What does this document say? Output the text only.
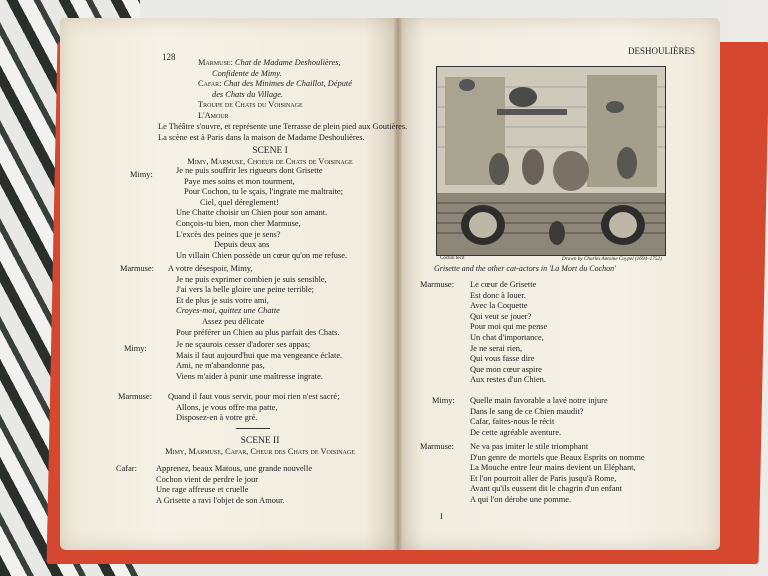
128
Marmuse: Chat de Madame Deshoulières,
Confidente de Mimy.
Cafar: Chat des Minimes de Chaillot, Député
des Chats du Village.
Troupe de Chats du Voisinage
L'Amour
Le Théâtre s'ouvre, et représente une Terrasse de plein pied aux Goutières.
La scène est à Paris dans la maison de Madame Deshoulières.
SCENE I
Mimy, Marmuse, Choeur de Chats de Voisinage
Mimy:	Je ne puis souffrir les rigueurs dont Grisette
Paye mes soins et mon tourment,
Pour Cochon, tu le sçais, l'ingrate me maltraite;
Ciel, quel déreglement!
Une Chatte choisir un Chien pour son amant.
Conçois-tu bien, mon cher Marmuse,
L'excès des peines que je sens?
Depuis deux ans
Un villain Chien possède un cœur qu'on me refuse.
Marmuse: A votre désespoir, Mimy,
Je ne puis exprimer combien je suis sensible,
J'ai vers la belle gloire une peine terrible;
Et de plus je suis votre ami,
Croyes-moi, quittez une Chatte
Assez peu délicate
Pour préférer un Chien au plus parfait des Chats.
Mimy:	Je ne sçaurois cesser d'adorer ses appas;
Mais il faut aujourd'hui que ma vengeance éclate.
Ami, ne m'abandonne pas,
Viens m'aider à punir une maîtresse ingrate.
Marmuse: Quand il faut vous servir, pour moi rien n'est sacré;
Allons, je vous offre ma patte,
Disposez-en à votre gré.
SCENE II
Mimy, Marmuse, Cafar, Cheur des Chats de Voisinage
Cafar: Apprenez, beaux Matous, une grande nouvelle
Cochon vient de perdre le jour
Une rage affreuse et cruelle
A Grisette a ravi l'objet de son Amour.
DESHOULIÈRES
Cochin fecit	Drawn by Charles Antoine Coypel (1694–1752)
Grisette and the other cat-actors in 'La Mort du Cochon'
Marmuse: Le cœur de Grisette
Est donc à louer.
Avec la Coquette
Qui veut se jouer?
Pour moi qui me pense
Un chat d'importance,
Je ne serai rien,
Qui vous fasse dire
Que mon cœur aspire
Aux restes d'un Chien.
Mimy: Quelle main favorable a lavé notre injure
Dans le sang de ce Chien maudit?
Cafar, faites-nous le récit
De cette agréable aventure.
Marmuse: Ne va pas imiter le stile triomphant
D'un genre de mortels que Beaux Esprits on nomme
La Mouche entre leur mains devient un Eléphant,
Et l'on pourroit aller de Paris jusqu'à Rome,
Avant qu'ils eussent dit le chagrin d'un enfant
A qui l'on dérobe une pomme.
I
